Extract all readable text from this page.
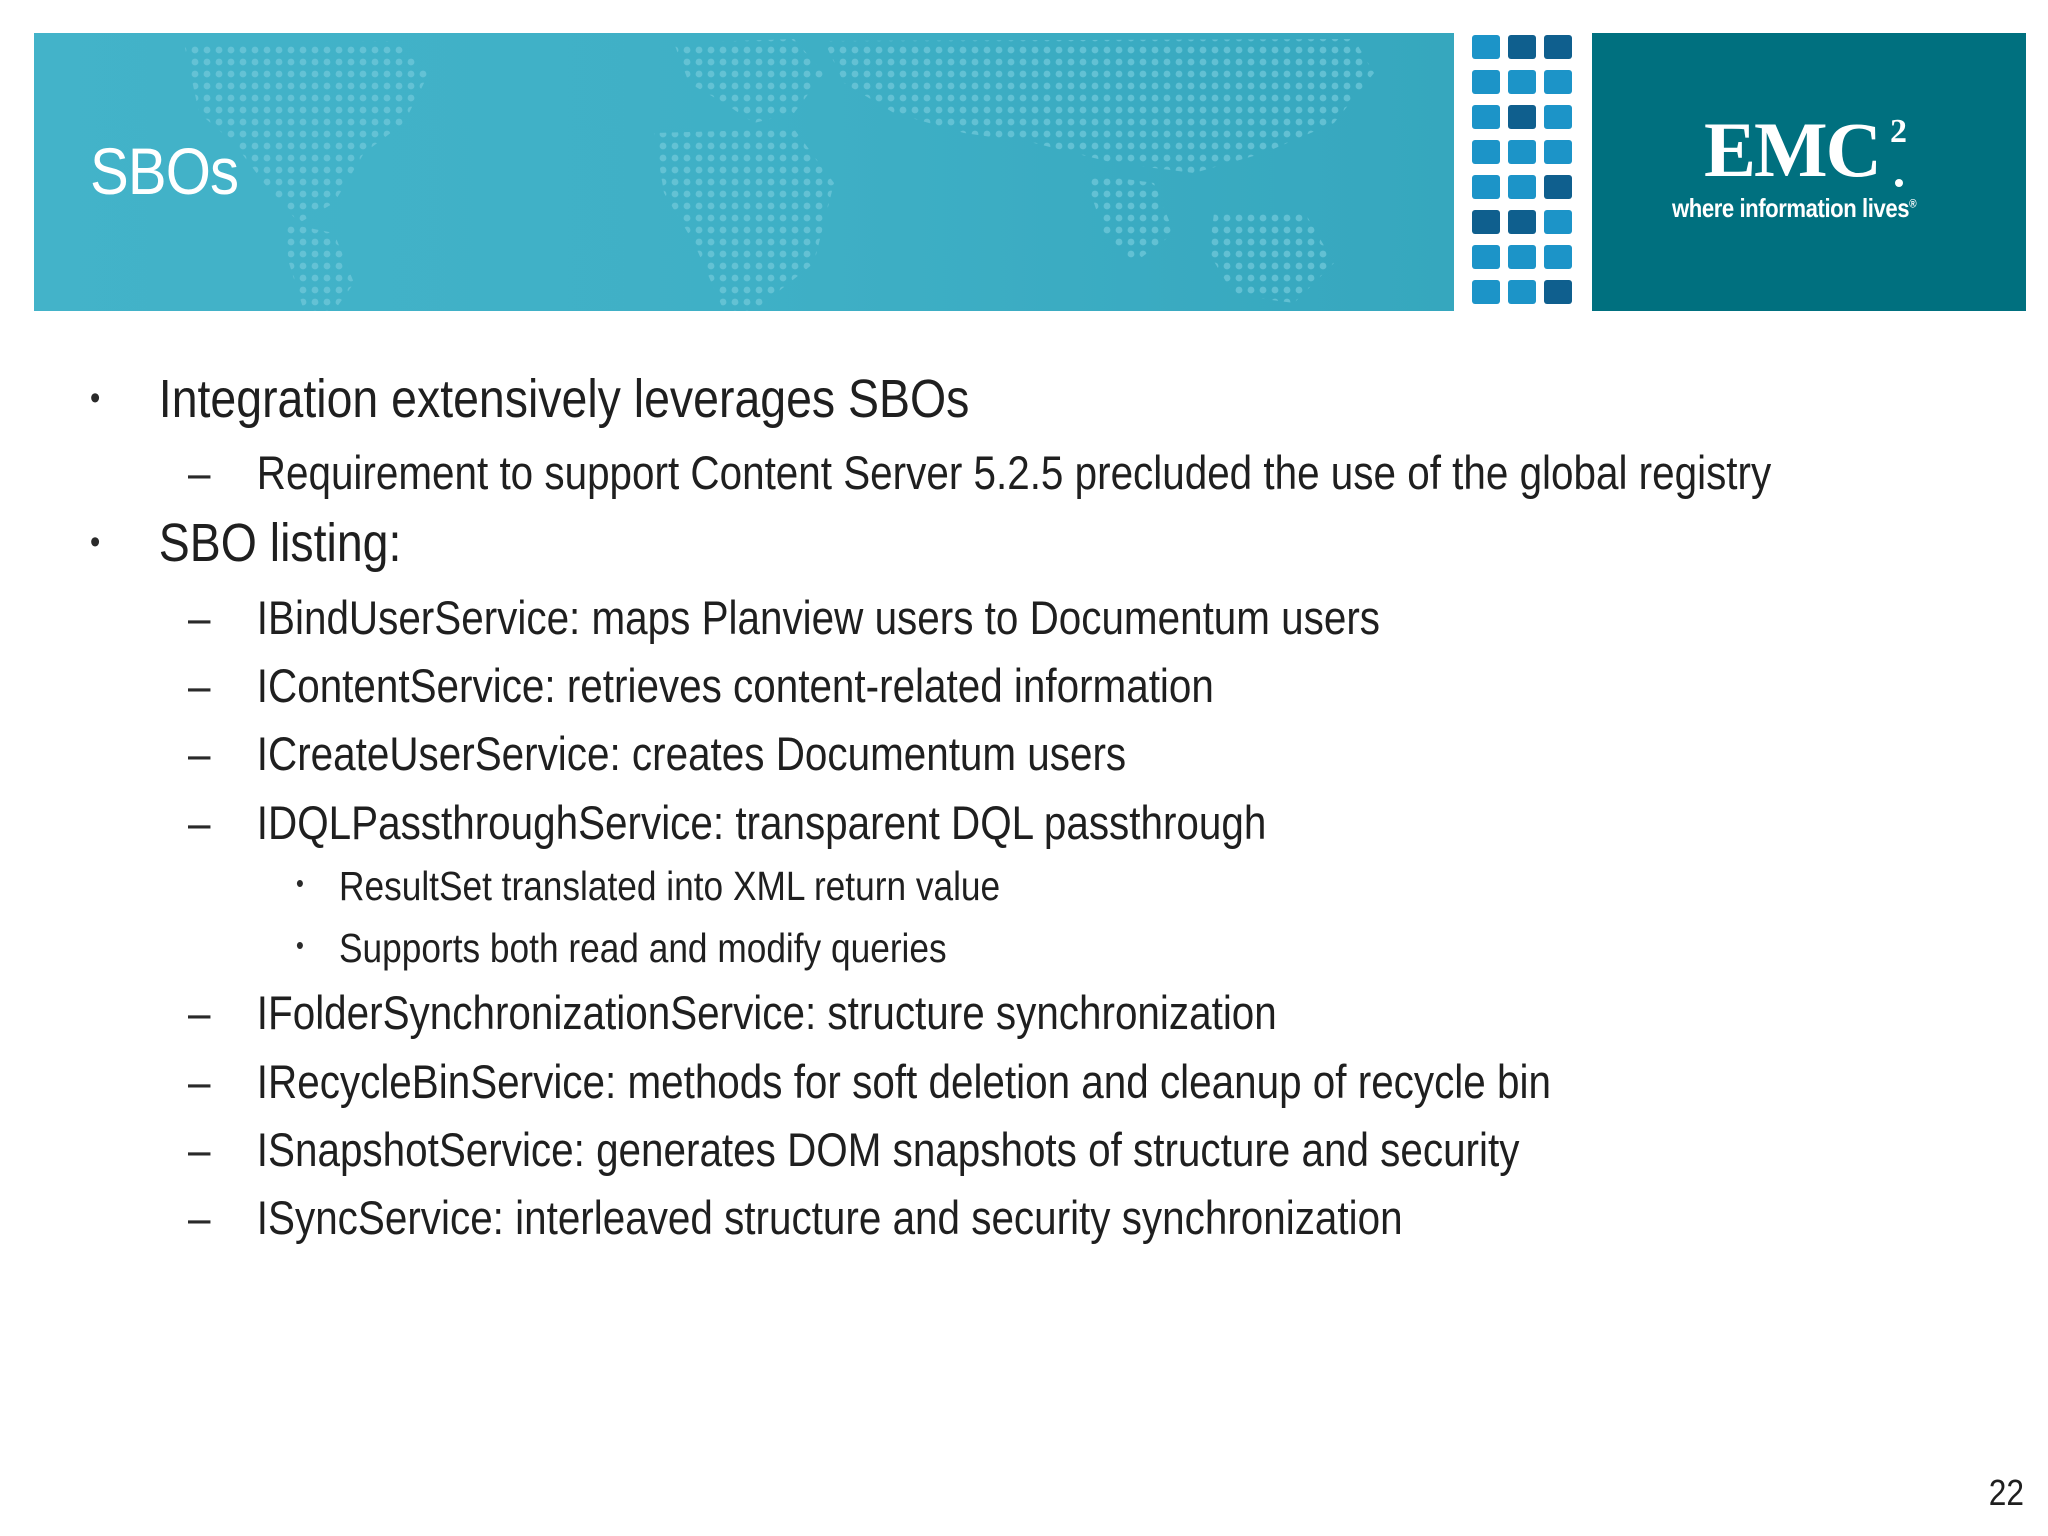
SBOs	EMC 2
where information lives®
• Integration extensively leverages SBOs
– Requirement to support Content Server 5.2.5 precluded the use of the global registry
• SBO listing:
– IBindUserService: maps Planview users to Documentum users
– IContentService: retrieves content-related information
– ICreateUserService: creates Documentum users
– IDQLPassthroughService: transparent DQL passthrough
• ResultSet translated into XML return value
• Supports both read and modify queries
– IFolderSynchronizationService: structure synchronization
– IRecycleBinService: methods for soft deletion and cleanup of recycle bin
– ISnapshotService: generates DOM snapshots of structure and security
– ISyncService: interleaved structure and security synchronization
22
